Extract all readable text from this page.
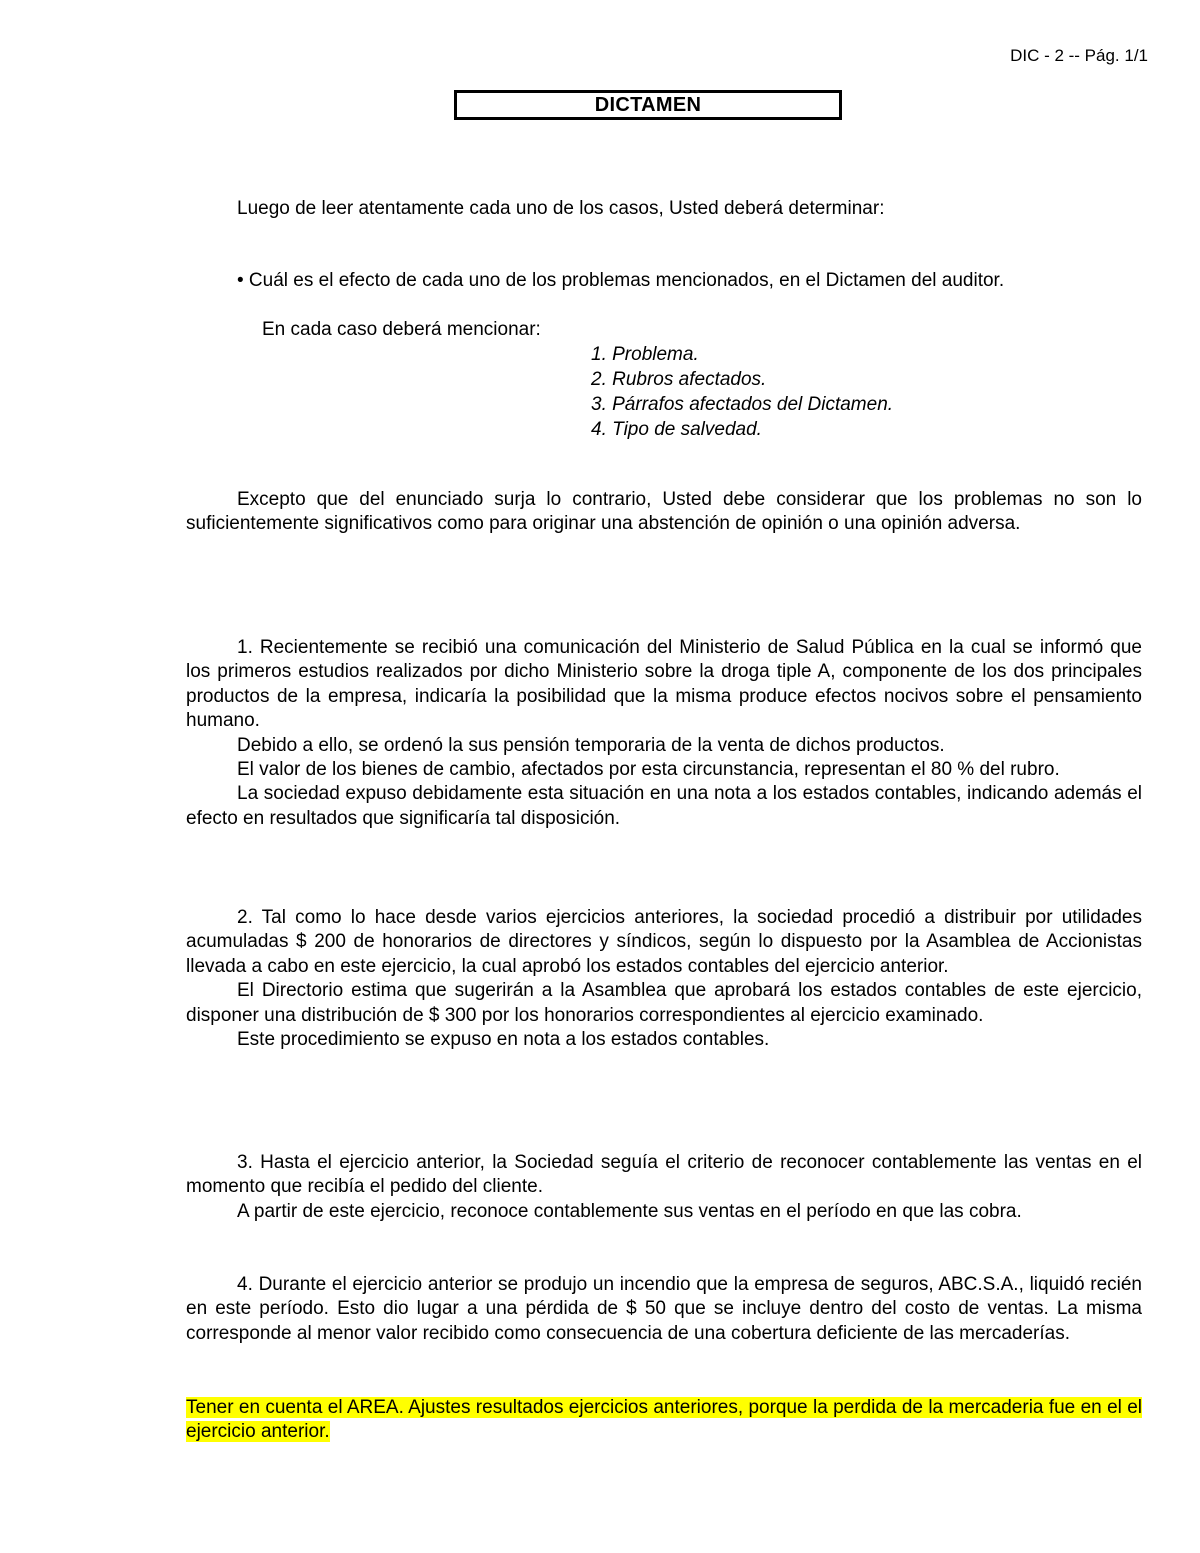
DIC - 2 -- Pág. 1/1
DICTAMEN
Luego de leer atentamente cada uno de los casos, Usted deberá determinar:
• Cuál es el efecto de cada uno de los problemas mencionados, en el Dictamen del auditor.
En cada caso deberá mencionar:
1. Problema.
2. Rubros afectados.
3. Párrafos afectados del Dictamen.
4. Tipo de salvedad.

Excepto que del enunciado surja lo contrario, Usted debe considerar que los problemas no son lo suficientemente significativos como para originar una abstención de opinión o una opinión adversa.

1. Recientemente se recibió una comunicación del Ministerio de Salud Pública en la cual se informó que los primeros estudios realizados por dicho Ministerio sobre la droga tiple A, componente de los dos principales productos de la empresa, indicaría la posibilidad que la misma produce efectos nocivos sobre el pensamiento humano.
Debido a ello, se ordenó la sus pensión temporaria de la venta de dichos productos.
El valor de los bienes de cambio, afectados por esta circunstancia, representan el 80 % del rubro.
La sociedad expuso debidamente esta situación en una nota a los estados contables, indicando además el efecto en resultados que significaría tal disposición.
2. Tal como lo hace desde varios ejercicios anteriores, la sociedad procedió a distribuir por utilidades acumuladas $ 200 de honorarios de directores y síndicos, según lo dispuesto por la Asamblea de Accionistas llevada a cabo en este ejercicio, la cual aprobó los estados contables del ejercicio anterior.
El Directorio estima que sugerirán a la Asamblea que aprobará los estados contables de este ejercicio, disponer una distribución de $ 300 por los honorarios correspondientes al ejercicio examinado.
Este procedimiento se expuso en nota a los estados contables.
3. Hasta el ejercicio anterior, la Sociedad seguía el criterio de reconocer contablemente las ventas en el momento que recibía el pedido del cliente.
A partir de este ejercicio, reconoce contablemente sus ventas en el período en que las cobra.
4. Durante el ejercicio anterior se produjo un incendio que la empresa de seguros, ABC.S.A., liquidó recién en este período. Esto dio lugar a una pérdida de $ 50 que se incluye dentro del costo de ventas. La misma corresponde al menor valor recibido como consecuencia de una cobertura deficiente de las mercaderías.

Tener en cuenta el AREA. Ajustes resultados ejercicios anteriores, porque la perdida de la mercaderia fue en el el ejercicio anterior.
